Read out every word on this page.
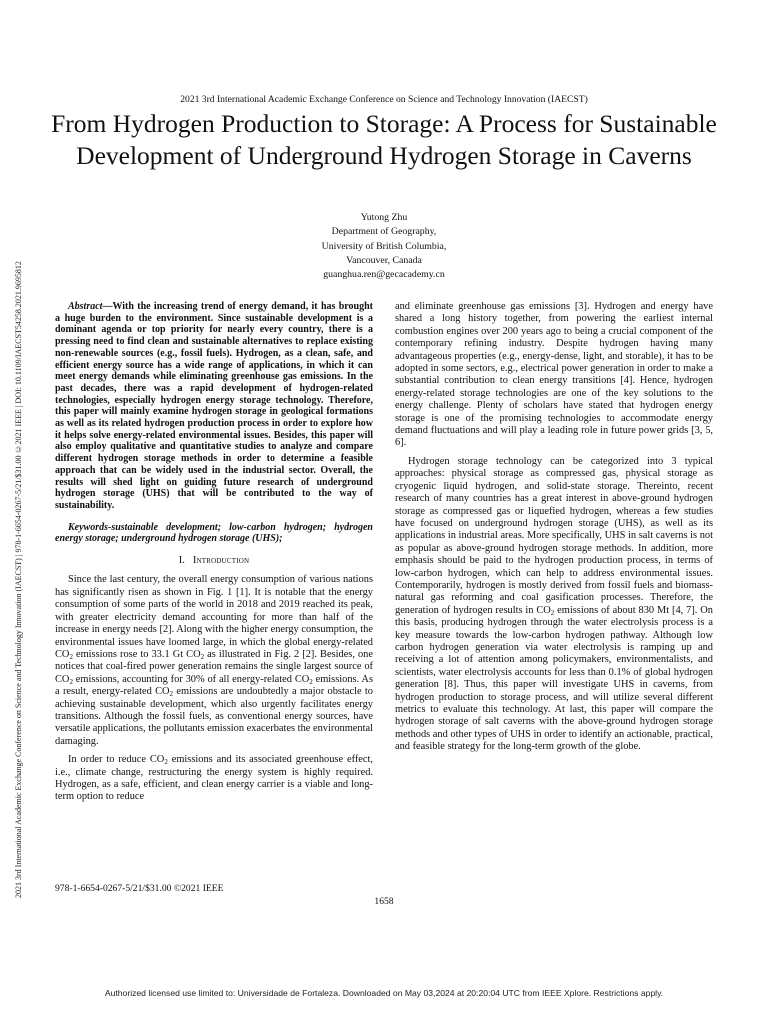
2021 3rd International Academic Exchange Conference on Science and Technology Innovation (IAECST) | 978-1-6654-0267-5/21/$31.00 ©2021 IEEE | DOI: 10.1109/IAECST54258.2021.9695812
2021 3rd International Academic Exchange Conference on Science and Technology Innovation (IAECST)
From Hydrogen Production to Storage: A Process for Sustainable Development of Underground Hydrogen Storage in Caverns
Yutong Zhu
Department of Geography,
University of British Columbia,
Vancouver, Canada
guanghua.ren@gecacademy.cn

Abstract—With the increasing trend of energy demand, it has brought a huge burden to the environment. Since sustainable development is a dominant agenda or top priority for nearly every country, there is a pressing need to find clean and sustainable alternatives to replace existing non-renewable sources (e.g., fossil fuels). Hydrogen, as a clean, safe, and efficient energy source has a wide range of applications, in which it can meet energy demands while eliminating greenhouse gas emissions. In the past decades, there was a rapid development of hydrogen-related technologies, especially hydrogen energy storage technology. Therefore, this paper will mainly examine hydrogen storage in geological formations as well as its related hydrogen production process in order to explore how it helps solve energy-related environmental issues. Besides, this paper will also employ qualitative and quantitative studies to analyze and compare different hydrogen storage methods in order to determine a feasible approach that can be widely used in the industrial sector. Overall, the results will shed light on guiding future research of underground hydrogen storage (UHS) that will be contributed to the way of sustainability.

Keywords-sustainable development; low-carbon hydrogen; hydrogen energy storage; underground hydrogen storage (UHS);

I. Introduction

Since the last century, the overall energy consumption of various nations has significantly risen as shown in Fig. 1 [1]. It is notable that the energy consumption of some parts of the world in 2018 and 2019 reached its peak, with greater electricity demand accounting for more than half of the increase in energy needs [2]. Along with the higher energy consumption, the environmental issues have loomed large, in which the global energy-related $CO_2$ emissions rose to 33.1 Gt $CO_2$ as illustrated in Fig. 2 [2]. Besides, one notices that coal-fired power generation remains the single largest source of $CO_2$ emissions, accounting for 30% of all energy-related $CO_2$ emissions. As a result, energy-related $CO_2$ emissions are undoubtedly a major obstacle to achieving sustainable development, which also urgently facilitates energy transitions. Although the fossil fuels, as conventional energy sources, have versatile applications, the pollutants emission exacerbates the environmental damaging.

In order to reduce $CO_2$ emissions and its associated greenhouse effect, i.e., climate change, restructuring the energy system is highly required. Hydrogen, as a safe, efficient, and clean energy carrier is a viable and long-term option to reduce

and eliminate greenhouse gas emissions [3]. Hydrogen and energy have shared a long history together, from powering the earliest internal combustion engines over 200 years ago to being a crucial component of the contemporary refining industry. Despite hydrogen having many advantageous properties (e.g., energy-dense, light, and storable), it has to be adopted in some sectors, e.g., electrical power generation in order to make a substantial contribution to clean energy transitions [4]. Hence, hydrogen energy-related storage technologies are one of the key solutions to the energy challenge. Plenty of scholars have stated that hydrogen energy storage is one of the promising technologies to accommodate energy demand fluctuations and will play a leading role in future power grids [3, 5, 6].

Hydrogen storage technology can be categorized into 3 typical approaches: physical storage as compressed gas, physical storage as cryogenic liquid hydrogen, and solid-state storage. Thereinto, recent research of many countries has a great interest in above-ground hydrogen storage as compressed gas or liquefied hydrogen, whereas a few studies have focused on underground hydrogen storage (UHS), as well as its applications in industrial areas. More specifically, UHS in salt caverns is not as popular as above-ground hydrogen storage methods. In addition, more emphasis should be paid to the hydrogen production process, in terms of low-carbon hydrogen, which can help to address environmental issues. Contemporarily, hydrogen is mostly derived from fossil fuels and biomass-natural gas reforming and coal gasification processes. Therefore, the generation of hydrogen results in $CO_2$ emissions of about 830 Mt [4, 7]. On this basis, producing hydrogen through the water electrolysis process is a key measure towards the low-carbon hydrogen pathway. Although low carbon hydrogen generation via water electrolysis is ramping up and receiving a lot of attention among policymakers, environmentalists, and scientists, water electrolysis accounts for less than 0.1% of global hydrogen generation [8]. Thus, this paper will investigate UHS in caverns, from hydrogen production to storage process, and will utilize several different metrics to evaluate this technology. At last, this paper will compare the hydrogen storage of salt caverns with the above-ground hydrogen storage methods and other types of UHS in order to identify an actionable, practical, and feasible strategy for the long-term growth of the globe.

978-1-6654-0267-5/21/$31.00 ©2021 IEEE
1658
Authorized licensed use limited to: Universidade de Fortaleza. Downloaded on May 03,2024 at 20:20:04 UTC from IEEE Xplore. Restrictions apply.
